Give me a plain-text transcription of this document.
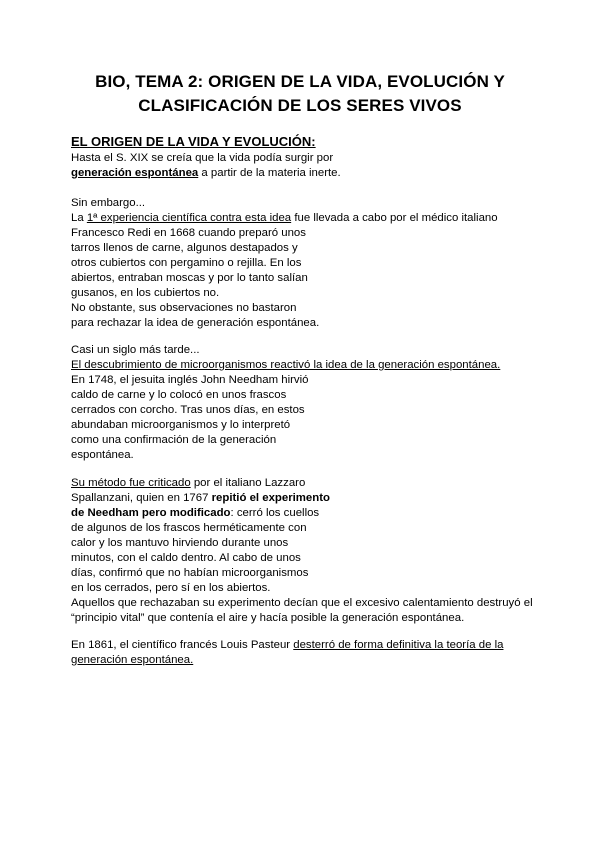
BIO, TEMA 2: ORIGEN DE LA VIDA, EVOLUCIÓN Y
CLASIFICACIÓN DE LOS SERES VIVOS
EL ORIGEN DE LA VIDA Y EVOLUCIÓN:
Hasta el S. XIX se creía que la vida podía surgir por
generación espontánea a partir de la materia inerte.
Sin embargo...
La 1ª experiencia científica contra esta idea fue llevada a cabo por el médico italiano
Francesco Redi en 1668 cuando preparó unos
tarros llenos de carne, algunos destapados y
otros cubiertos con pergamino o rejilla. En los
abiertos, entraban moscas y por lo tanto salían
gusanos, en los cubiertos no.
No obstante, sus observaciones no bastaron
para rechazar la idea de generación espontánea.
Casi un siglo más tarde...
El descubrimiento de microorganismos reactivó la idea de la generación espontánea.
En 1748, el jesuita inglés John Needham hirvió
caldo de carne y lo colocó en unos frascos
cerrados con corcho. Tras unos días, en estos
abundaban microorganismos y lo interpretó
como una confirmación de la generación
espontánea.
Su método fue criticado por el italiano Lazzaro
Spallanzani, quien en 1767 repitió el experimento
de Needham pero modificado: cerró los cuellos
de algunos de los frascos herméticamente con
calor y los mantuvo hirviendo durante unos
minutos, con el caldo dentro. Al cabo de unos
días, confirmó que no habían microorganismos
en los cerrados, pero sí en los abiertos.
Aquellos que rechazaban su experimento decían que el excesivo calentamiento destruyó el
“principio vital” que contenía el aire y hacía posible la generación espontánea.
En 1861, el científico francés Louis Pasteur desterró de forma definitiva la teoría de la
generación espontánea.
